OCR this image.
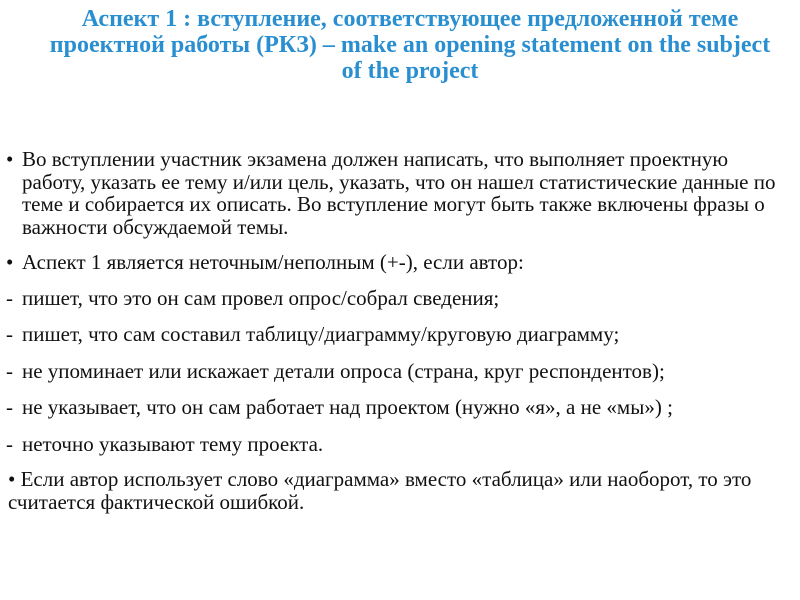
Аспект 1 : вступление, соответствующее предложенной теме проектной работы (РКЗ) – make an opening statement on the subject of the project

• Во вступлении участник экзамена должен написать, что выполняет проектную работу, указать ее тему и/или цель, указать, что он нашел статистические данные по теме и собирается их описать. Во вступление могут быть также включены фразы о важности обсуждаемой темы.

• Аспект 1 является неточным/неполным (+-), если автор:

- пишет, что это он сам провел опрос/собрал сведения;

- пишет, что сам составил таблицу/диаграмму/круговую диаграмму;

- не упоминает или искажает детали опроса (страна, круг респондентов);

- не указывает, что он сам работает над проектом (нужно «я», а не «мы») ;

- неточно указывают тему проекта.

• Если автор использует слово «диаграмма» вместо «таблица» или наоборот, то это считается фактической ошибкой.
